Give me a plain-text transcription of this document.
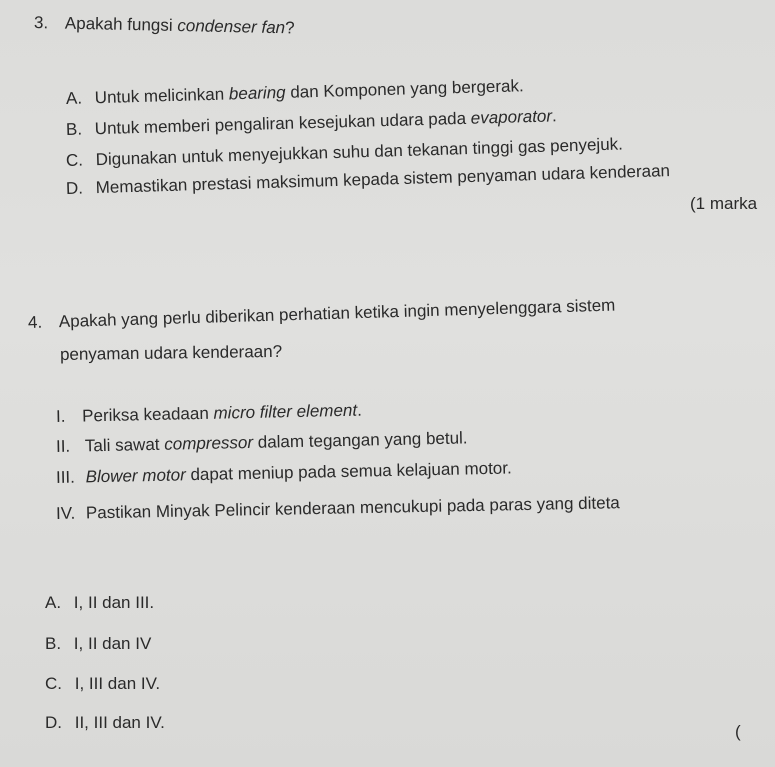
3. Apakah fungsi condenser fan?
A. Untuk melicinkan bearing dan Komponen yang bergerak.
B. Untuk memberi pengaliran kesejukan udara pada evaporator.
C. Digunakan untuk menyejukkan suhu dan tekanan tinggi gas penyejuk.
D. Memastikan prestasi maksimum kepada sistem penyaman udara kenderaan
(1 marka
4. Apakah yang perlu diberikan perhatian ketika ingin menyelenggara sistem
penyaman udara kenderaan?
I. Periksa keadaan micro filter element.
II. Tali sawat compressor dalam tegangan yang betul.
III. Blower motor dapat meniup pada semua kelajuan motor.
IV. Pastikan Minyak Pelincir kenderaan mencukupi pada paras yang diteta
A. I, II dan III.
B. I, II dan IV
C. I, III dan IV.
D. II, III dan IV.	(
